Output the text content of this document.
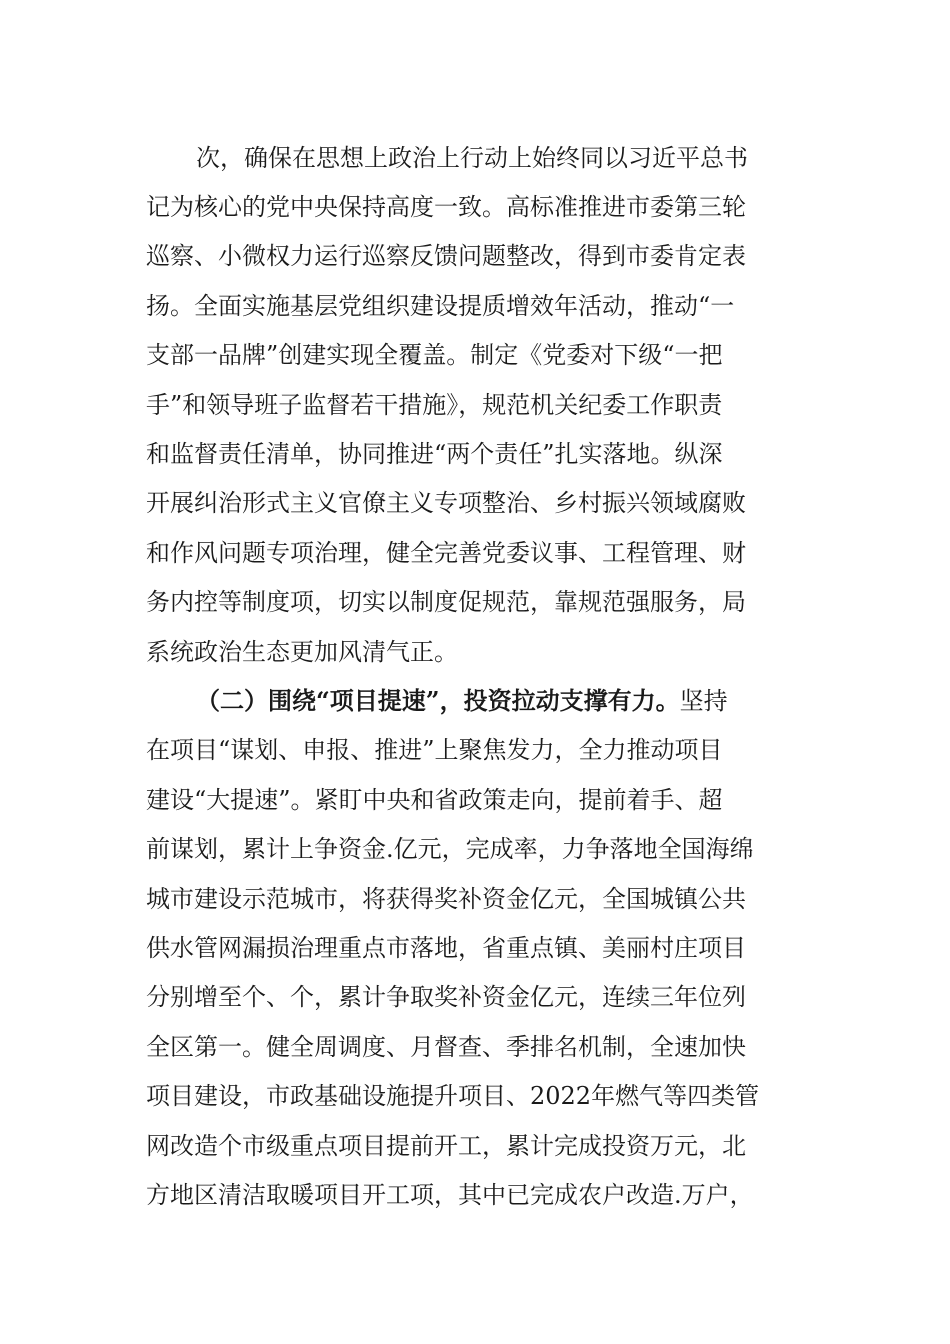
次，确保在思想上政治上行动上始终同以习近平总书
记为核心的党中央保持高度一致。高标准推进市委第三轮
巡察、小微权力运行巡察反馈问题整改，得到市委肯定表
扬。全面实施基层党组织建设提质增效年活动，推动“一
支部一品牌”创建实现全覆盖。制定《党委对下级“一把
手”和领导班子监督若干措施》，规范机关纪委工作职责
和监督责任清单，协同推进“两个责任”扎实落地。纵深
开展纠治形式主义官僚主义专项整治、乡村振兴领域腐败
和作风问题专项治理，健全完善党委议事、工程管理、财
务内控等制度项，切实以制度促规范，靠规范强服务，局
系统政治生态更加风清气正。
（二）围绕“项目提速”，投资拉动支撑有力。坚持
在项目“谋划、申报、推进”上聚焦发力，全力推动项目
建设“大提速”。紧盯中央和省政策走向，提前着手、超
前谋划，累计上争资金.亿元，完成率，力争落地全国海绵
城市建设示范城市，将获得奖补资金亿元，全国城镇公共
供水管网漏损治理重点市落地，省重点镇、美丽村庄项目
分别增至个、个，累计争取奖补资金亿元，连续三年位列
全区第一。健全周调度、月督查、季排名机制，全速加快
项目建设，市政基础设施提升项目、2022年燃气等四类管
网改造个市级重点项目提前开工，累计完成投资万元，北
方地区清洁取暖项目开工项，其中已完成农户改造.万户，
